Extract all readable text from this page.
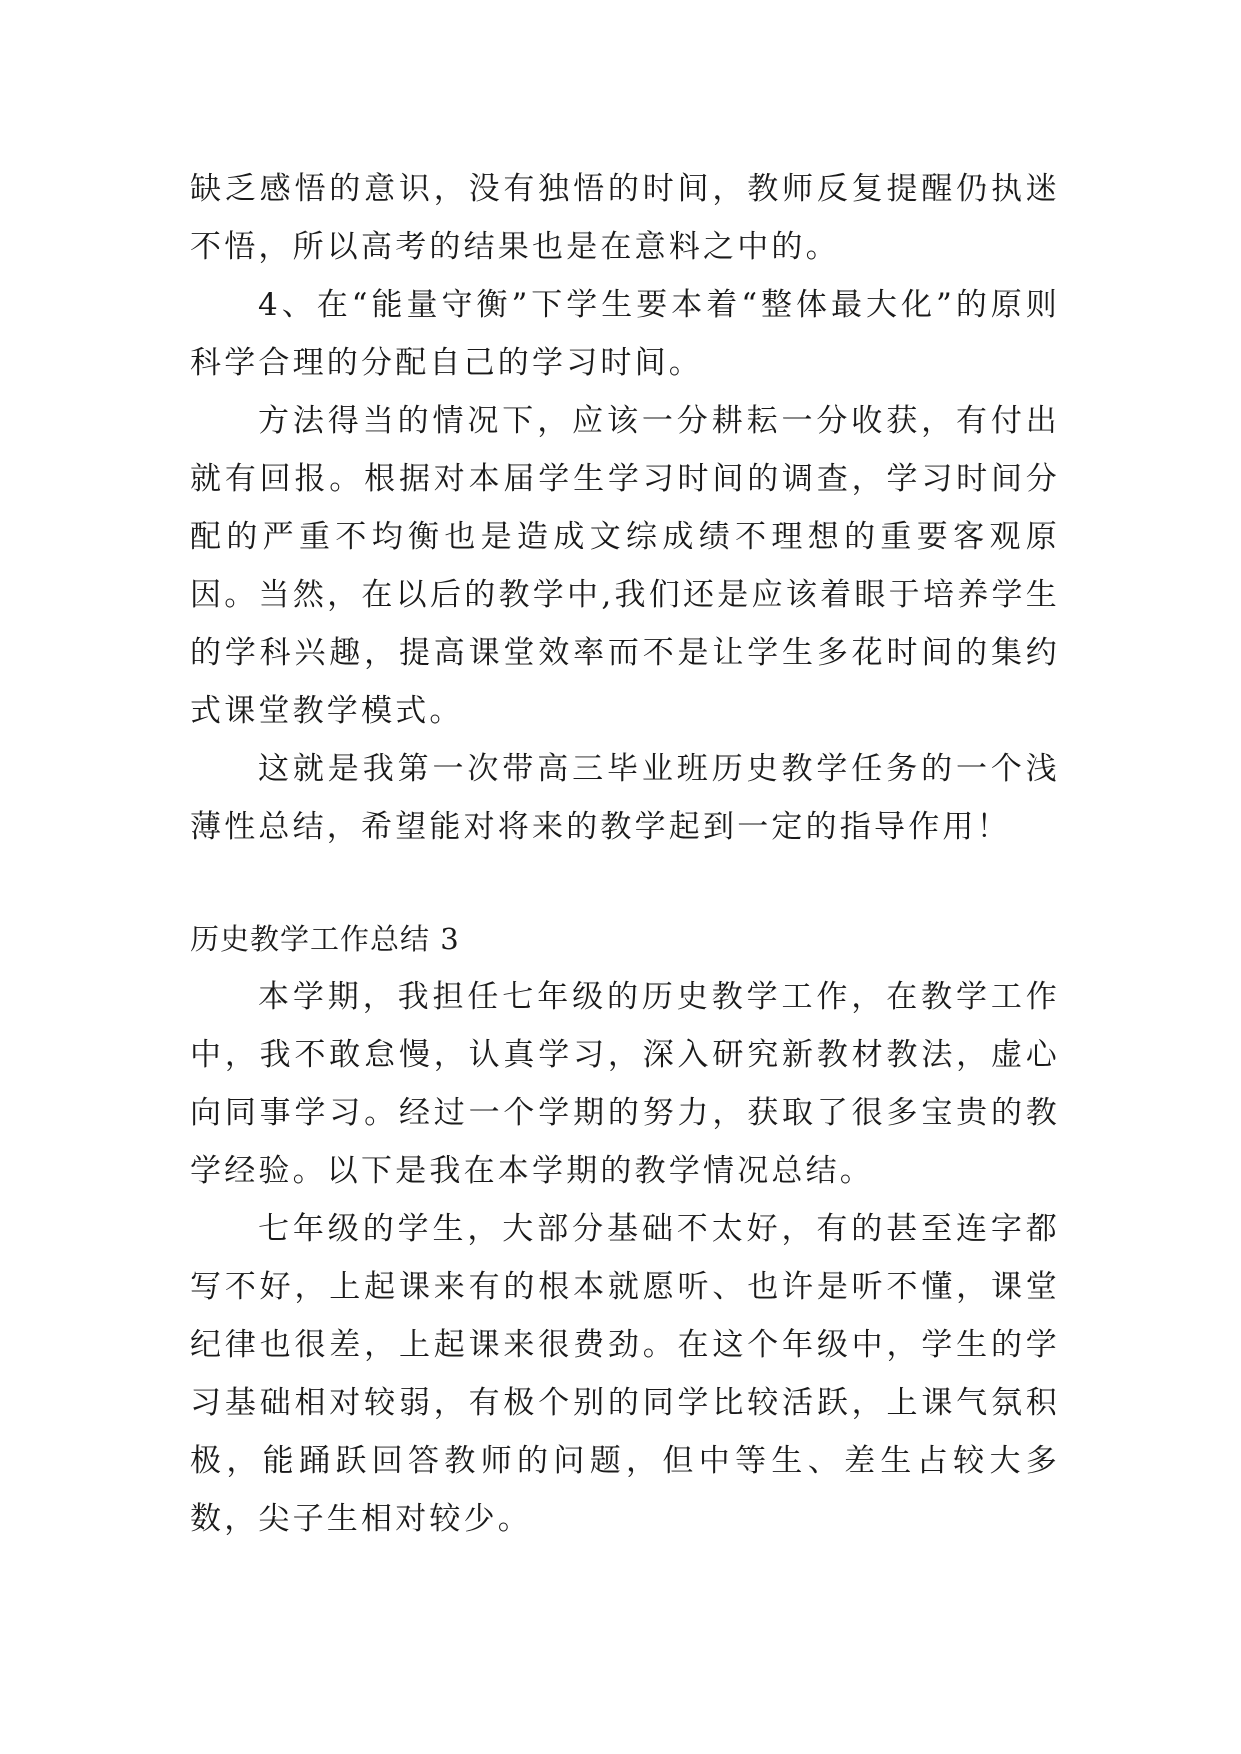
缺乏感悟的意识，没有独悟的时间，教师反复提醒仍执迷不悟，所以高考的结果也是在意料之中的。

4、在“能量守衡”下学生要本着“整体最大化”的原则科学合理的分配自己的学习时间。

方法得当的情况下，应该一分耕耘一分收获，有付出就有回报。根据对本届学生学习时间的调查，学习时间分配的严重不均衡也是造成文综成绩不理想的重要客观原因。当然，在以后的教学中,我们还是应该着眼于培养学生的学科兴趣，提高课堂效率而不是让学生多花时间的集约式课堂教学模式。

这就是我第一次带高三毕业班历史教学任务的一个浅薄性总结，希望能对将来的教学起到一定的指导作用！

历史教学工作总结 3

本学期，我担任七年级的历史教学工作，在教学工作中，我不敢怠慢，认真学习，深入研究新教材教法，虚心向同事学习。经过一个学期的努力，获取了很多宝贵的教学经验。以下是我在本学期的教学情况总结。

七年级的学生，大部分基础不太好，有的甚至连字都写不好，上起课来有的根本就愿听、也许是听不懂，课堂纪律也很差，上起课来很费劲。在这个年级中，学生的学习基础相对较弱，有极个别的同学比较活跃，上课气氛积极，能踊跃回答教师的问题，但中等生、差生占较大多数，尖子生相对较少。
